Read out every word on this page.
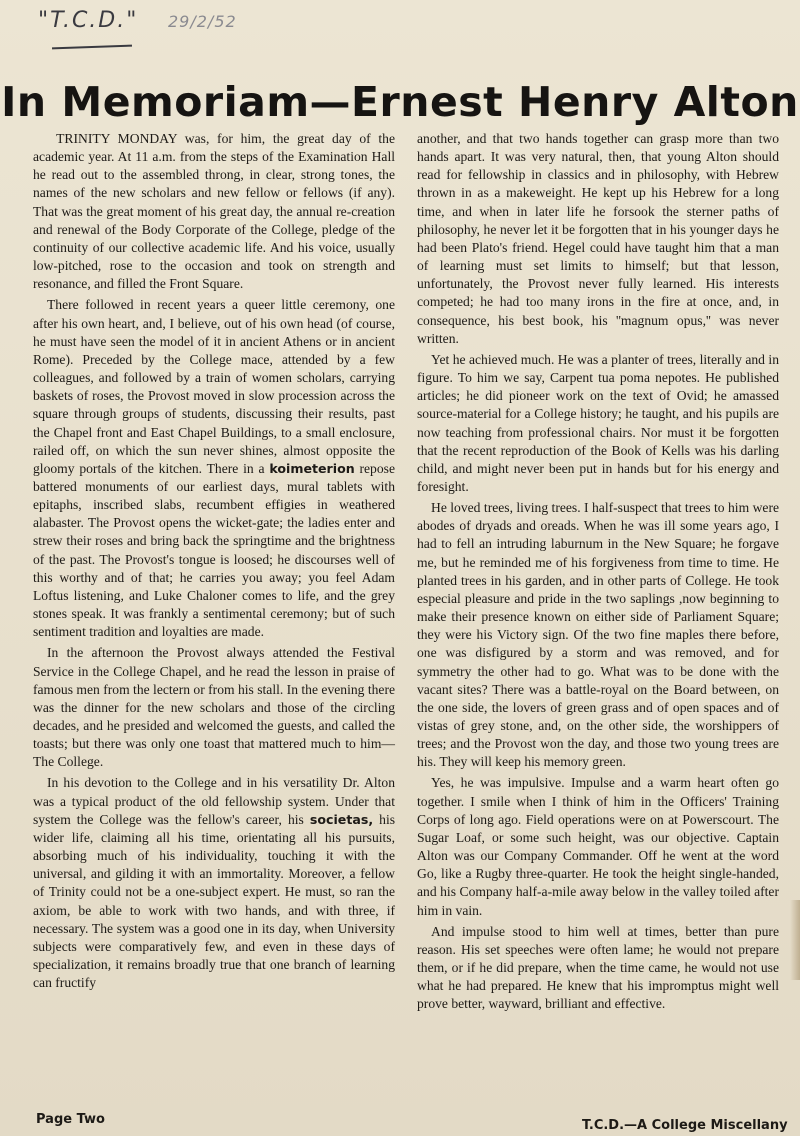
"T.C.D." 29/2/52
In Memoriam—Ernest Henry Alton

TRINITY MONDAY was, for him, the great day of the academic year. At 11 a.m. from the steps of the Examination Hall he read out to the assembled throng, in clear, strong tones, the names of the new scholars and new fellow or fellows (if any). That was the great moment of his great day, the annual re-creation and renewal of the Body Corporate of the College, pledge of the continuity of our collective academic life. And his voice, usually low-pitched, rose to the occasion and took on strength and resonance, and filled the Front Square.

There followed in recent years a queer little ceremony, one after his own heart, and, I believe, out of his own head (of course, he must have seen the model of it in ancient Athens or in ancient Rome). Preceded by the College mace, attended by a few colleagues, and followed by a train of women scholars, carrying baskets of roses, the Provost moved in slow procession across the square through groups of students, discussing their results, past the Chapel front and East Chapel Buildings, to a small enclosure, railed off, on which the sun never shines, almost opposite the gloomy portals of the kitchen. There in a koimeterion repose battered monuments of our earliest days, mural tablets with epitaphs, inscribed slabs, recumbent effigies in weathered alabaster. The Provost opens the wicket-gate; the ladies enter and strew their roses and bring back the springtime and the brightness of the past. The Provost's tongue is loosed; he discourses well of this worthy and of that; he carries you away; you feel Adam Loftus listening, and Luke Chaloner comes to life, and the grey stones speak. It was frankly a sentimental ceremony; but of such sentiment tradition and loyalties are made.

In the afternoon the Provost always attended the Festival Service in the College Chapel, and he read the lesson in praise of famous men from the lectern or from his stall. In the evening there was the dinner for the new scholars and those of the circling decades, and he presided and welcomed the guests, and called the toasts; but there was only one toast that mattered much to him—The College.

In his devotion to the College and in his versatility Dr. Alton was a typical product of the old fellowship system. Under that system the College was the fellow's career, his societas, his wider life, claiming all his time, orientating all his pursuits, absorbing much of his individuality, touching it with the universal, and gilding it with an immortality. Moreover, a fellow of Trinity could not be a one-subject expert. He must, so ran the axiom, be able to work with two hands, and with three, if necessary. The system was a good one in its day, when University subjects were comparatively few, and even in these days of specialization, it remains broadly true that one branch of learning can fructify

another, and that two hands together can grasp more than two hands apart. It was very natural, then, that young Alton should read for fellowship in classics and in philosophy, with Hebrew thrown in as a makeweight. He kept up his Hebrew for a long time, and when in later life he forsook the sterner paths of philosophy, he never let it be forgotten that in his younger days he had been Plato's friend. Hegel could have taught him that a man of learning must set limits to himself; but that lesson, unfortunately, the Provost never fully learned. His interests competed; he had too many irons in the fire at once, and, in consequence, his best book, his ''magnum opus,'' was never written.

Yet he achieved much. He was a planter of trees, literally and in figure. To him we say, Carpent tua poma nepotes. He published articles; he did pioneer work on the text of Ovid; he amassed source-material for a College history; he taught, and his pupils are now teaching from professional chairs. Nor must it be forgotten that the recent reproduction of the Book of Kells was his darling child, and might never been put in hands but for his energy and foresight.

He loved trees, living trees. I half-suspect that trees to him were abodes of dryads and oreads. When he was ill some years ago, I had to fell an intruding laburnum in the New Square; he forgave me, but he reminded me of his forgiveness from time to time. He planted trees in his garden, and in other parts of College. He took especial pleasure and pride in the two saplings ,now beginning to make their presence known on either side of Parliament Square; they were his Victory sign. Of the two fine maples there before, one was disfigured by a storm and was removed, and for symmetry the other had to go. What was to be done with the vacant sites? There was a battle-royal on the Board between, on the one side, the lovers of green grass and of open spaces and of vistas of grey stone, and, on the other side, the worshippers of trees; and the Provost won the day, and those two young trees are his. They will keep his memory green.

Yes, he was impulsive. Impulse and a warm heart often go together. I smile when I think of him in the Officers' Training Corps of long ago. Field operations were on at Powerscourt. The Sugar Loaf, or some such height, was our objective. Captain Alton was our Company Commander. Off he went at the word Go, like a Rugby three-quarter. He took the height single-handed, and his Company half-a-mile away below in the valley toiled after him in vain.

And impulse stood to him well at times, better than pure reason. His set speeches were often lame; he would not prepare them, or if he did prepare, when the time came, he would not use what he had prepared. He knew that his impromptus might well prove better, wayward, brilliant and effective.

Page Two	T.C.D.—A College Miscellany
